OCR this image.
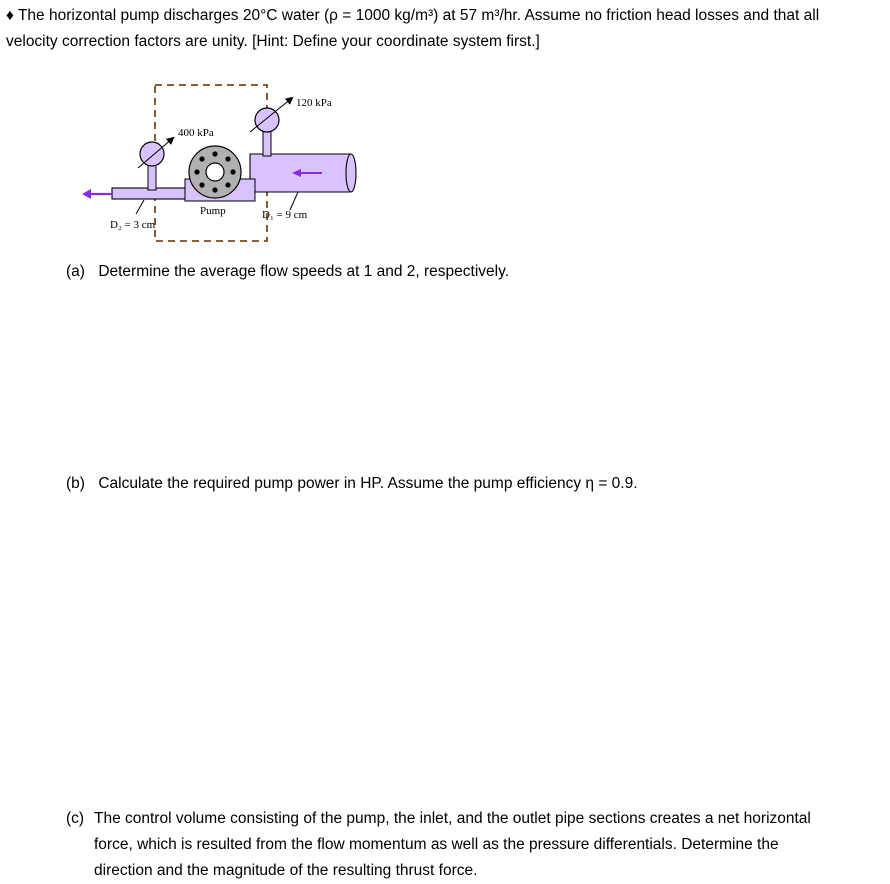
♦ The horizontal pump discharges 20°C water (ρ = 1000 kg/m³) at 57 m³/hr. Assume no friction head losses and that all
velocity correction factors are unity. [Hint: Define your coordinate system first.]
400 kPa
120 kPa
Pump
D₂ = 3 cm
D₁ = 9 cm
(a) Determine the average flow speeds at 1 and 2, respectively.
(b) Calculate the required pump power in HP. Assume the pump efficiency η = 0.9.
(c) The control volume consisting of the pump, the inlet, and the outlet pipe sections creates a net horizontal
force, which is resulted from the flow momentum as well as the pressure differentials. Determine the
direction and the magnitude of the resulting thrust force.
